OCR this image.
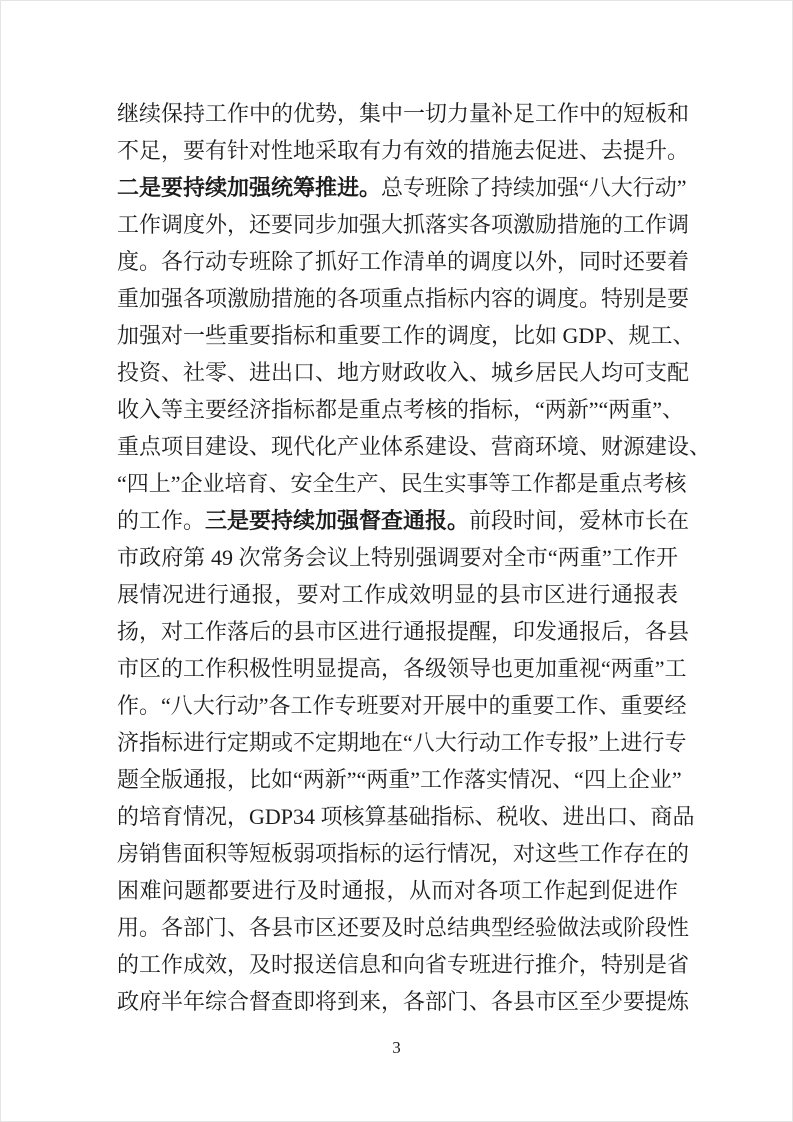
继续保持工作中的优势，集中一切力量补足工作中的短板和
不足，要有针对性地采取有力有效的措施去促进、去提升。
二是要持续加强统筹推进。总专班除了持续加强“八大行动”
工作调度外，还要同步加强大抓落实各项激励措施的工作调
度。各行动专班除了抓好工作清单的调度以外，同时还要着
重加强各项激励措施的各项重点指标内容的调度。特别是要
加强对一些重要指标和重要工作的调度，比如 GDP、规工、
投资、社零、进出口、地方财政收入、城乡居民人均可支配
收入等主要经济指标都是重点考核的指标，“两新”“两重”、
重点项目建设、现代化产业体系建设、营商环境、财源建设、
“四上”企业培育、安全生产、民生实事等工作都是重点考核
的工作。三是要持续加强督查通报。前段时间，爱林市长在
市政府第 49 次常务会议上特别强调要对全市“两重”工作开
展情况进行通报，要对工作成效明显的县市区进行通报表
扬，对工作落后的县市区进行通报提醒，印发通报后，各县
市区的工作积极性明显提高，各级领导也更加重视“两重”工
作。“八大行动”各工作专班要对开展中的重要工作、重要经
济指标进行定期或不定期地在“八大行动工作专报”上进行专
题全版通报，比如“两新”“两重”工作落实情况、“四上企业”
的培育情况，GDP34 项核算基础指标、税收、进出口、商品
房销售面积等短板弱项指标的运行情况，对这些工作存在的
困难问题都要进行及时通报，从而对各项工作起到促进作
用。各部门、各县市区还要及时总结典型经验做法或阶段性
的工作成效，及时报送信息和向省专班进行推介，特别是省
政府半年综合督查即将到来，各部门、各县市区至少要提炼
3
